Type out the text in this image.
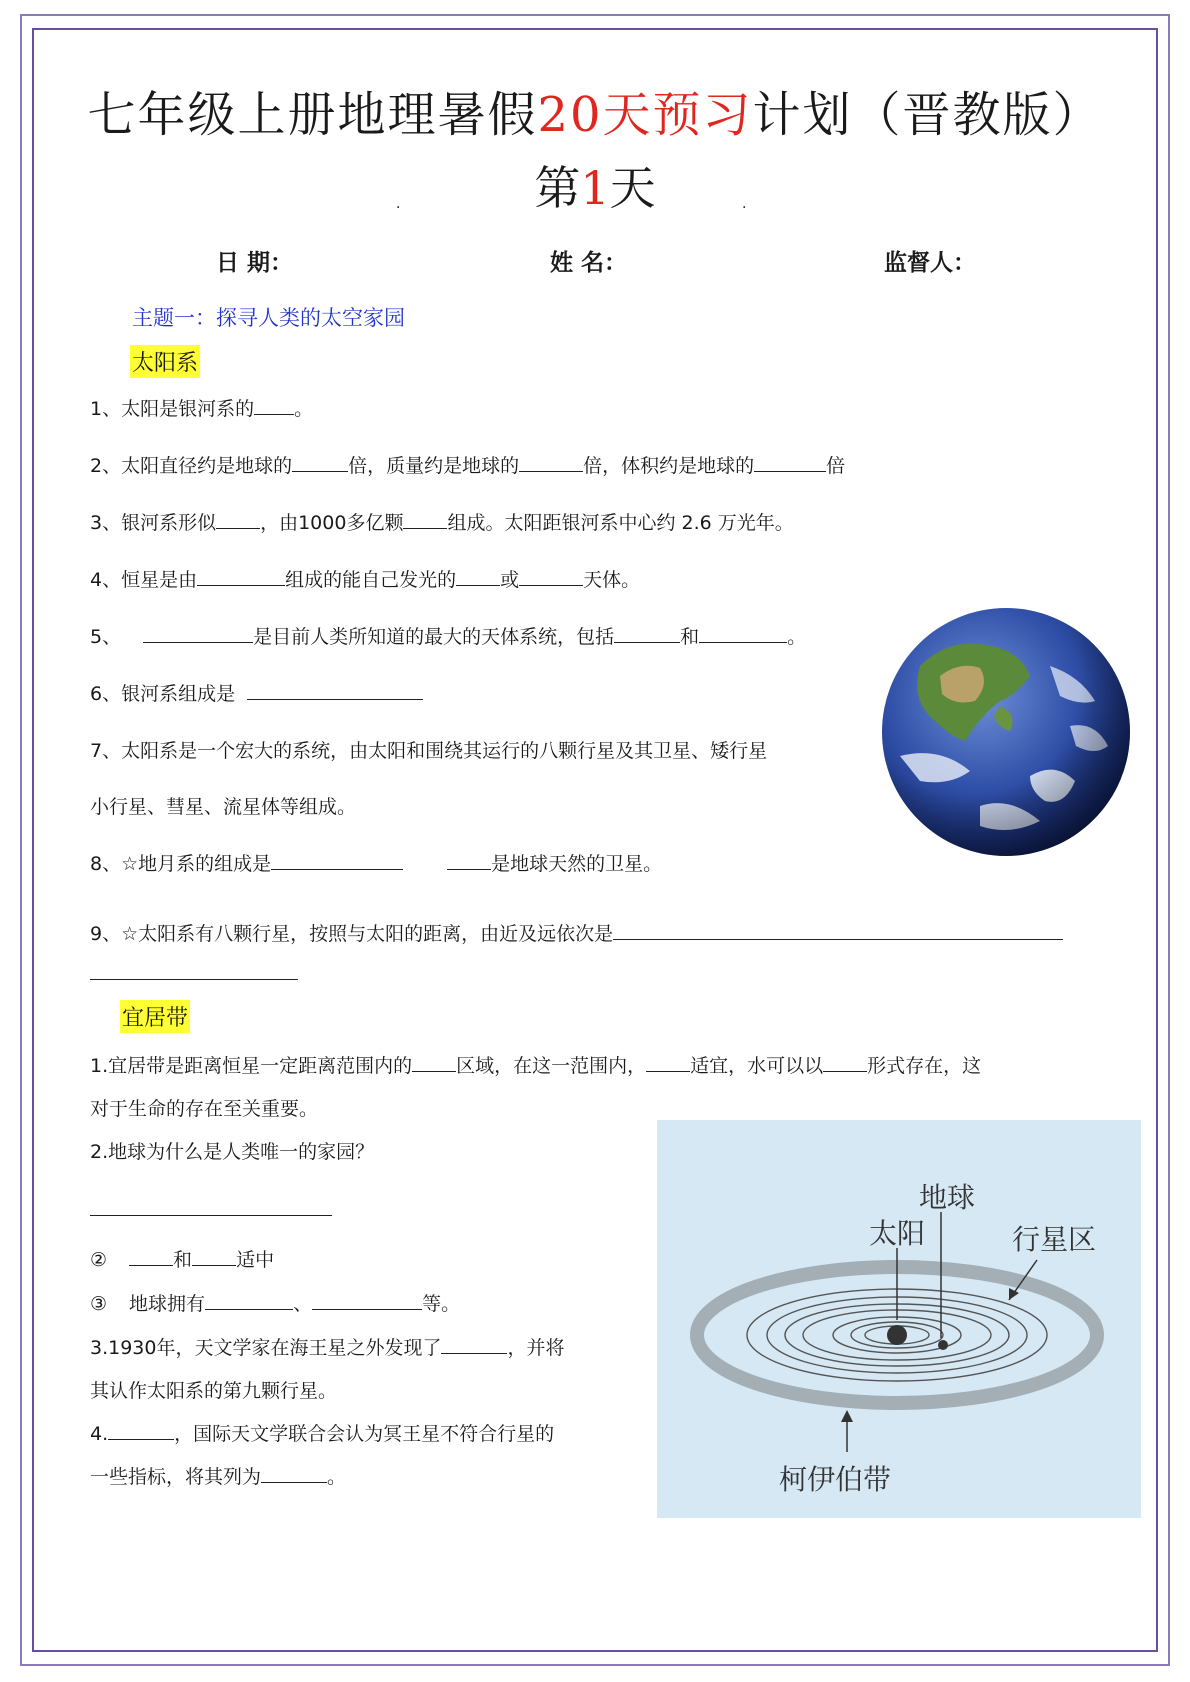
七年级上册地理暑假20天预习计划（晋教版）
第1天
·	·
日 期：	姓 名：	监督人：
主题一：探寻人类的太空家园
太阳系
1、太阳是银河系的 。
2、太阳直径约是地球的	倍，质量约是地球的	倍，体积约是地球的	倍
3、银河系形似 ，由1000多亿颗 组成。太阳距银河系中心约 2.6 万光年。
4、恒星是由	组成的能自己发光的 或	天体。
5、	是目前人类所知道的最大的天体系统，包括	和	。
6、银河系组成是
7、太阳系是一个宏大的系统，由太阳和围绕其运行的八颗行星及其卫星、矮行星
小行星、彗星、流星体等组成。
8、☆地月系的组成是	是地球天然的卫星。
9、☆太阳系有八颗行星，按照与太阳的距离，由近及远依次是
宜居带
1.宜居带是距离恒星一定距离范围内的 区域，在这一范围内， 适宜，水可以以 形式存在，这
对于生命的存在至关重要。
2.地球为什么是人类唯一的家园？
②	和 适中
③ 地球拥有	、	等。
3.1930年，天文学家在海王星之外发现了	，并将
其认作太阳系的第九颗行星。
4.	，国际天文学联合会认为冥王星不符合行星的
一些指标，将其列为	。
地球
太阳	行星区
柯伊伯带
